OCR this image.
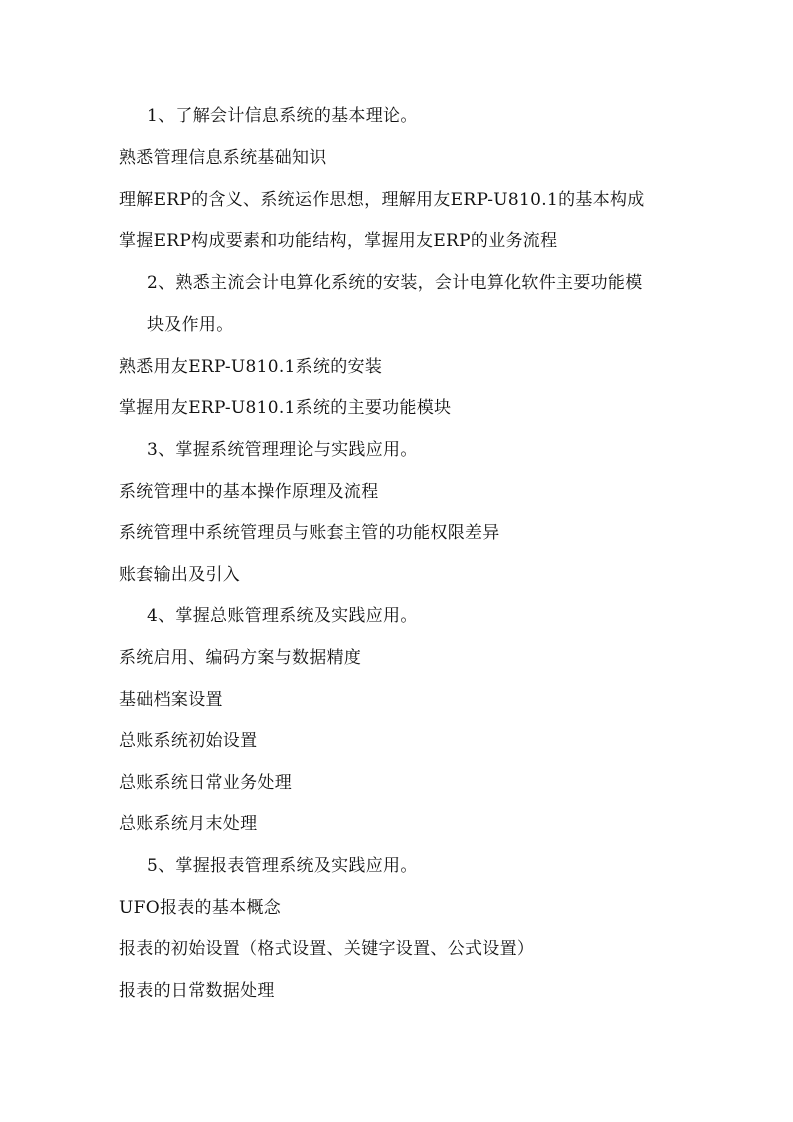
1、了解会计信息系统的基本理论。
熟悉管理信息系统基础知识
理解ERP的含义、系统运作思想，理解用友ERP-U810.1的基本构成
掌握ERP构成要素和功能结构，掌握用友ERP的业务流程
2、熟悉主流会计电算化系统的安装，会计电算化软件主要功能模
块及作用。
熟悉用友ERP-U810.1系统的安装
掌握用友ERP-U810.1系统的主要功能模块
3、掌握系统管理理论与实践应用。
系统管理中的基本操作原理及流程
系统管理中系统管理员与账套主管的功能权限差异
账套输出及引入
4、掌握总账管理系统及实践应用。
系统启用、编码方案与数据精度
基础档案设置
总账系统初始设置
总账系统日常业务处理
总账系统月末处理
5、掌握报表管理系统及实践应用。
UFO报表的基本概念
报表的初始设置（格式设置、关键字设置、公式设置）
报表的日常数据处理
